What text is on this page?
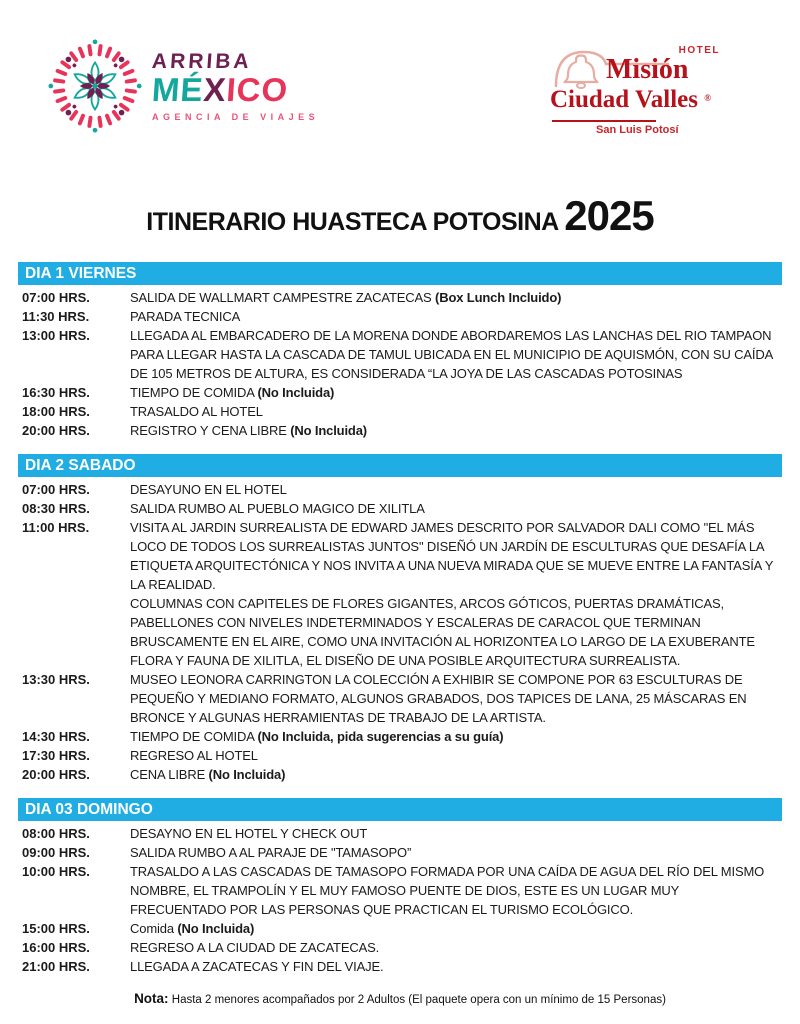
ARRIBA
MÉXICO
AGENCIA DE VIAJES
HOTEL
Misión
Ciudad Valles ®
San Luis Potosí
ITINERARIO HUASTECA POTOSINA 2025
DIA 1 VIERNES
07:00 HRS.	SALIDA DE WALLMART CAMPESTRE ZACATECAS (Box Lunch Incluido)
11:30 HRS.	PARADA TECNICA
13:00 HRS.	LLEGADA AL EMBARCADERO DE LA MORENA DONDE ABORDAREMOS LAS LANCHAS DEL RIO TAMPAON PARA LLEGAR HASTA LA CASCADA DE TAMUL UBICADA EN EL MUNICIPIO DE AQUISMÓN, CON SU CAÍDA DE 105 METROS DE ALTURA, ES CONSIDERADA “LA JOYA DE LAS CASCADAS POTOSINAS
16:30 HRS.	TIEMPO DE COMIDA (No Incluida)
18:00 HRS.	TRASALDO AL HOTEL
20:00 HRS.	REGISTRO Y CENA LIBRE (No Incluida)
DIA 2 SABADO
07:00 HRS.	DESAYUNO EN EL HOTEL
08:30 HRS.	SALIDA RUMBO AL PUEBLO MAGICO DE XILITLA
11:00 HRS.	VISITA AL JARDIN SURREALISTA DE EDWARD JAMES DESCRITO POR SALVADOR DALI COMO "EL MÁS LOCO DE TODOS LOS SURREALISTAS JUNTOS" DISEÑÓ UN JARDÍN DE ESCULTURAS QUE DESAFÍA LA ETIQUETA ARQUITECTÓNICA Y NOS INVITA A UNA NUEVA MIRADA QUE SE MUEVE ENTRE LA FANTASÍA Y LA REALIDAD.
COLUMNAS CON CAPITELES DE FLORES GIGANTES, ARCOS GÓTICOS, PUERTAS DRAMÁTICAS, PABELLONES CON NIVELES INDETERMINADOS Y ESCALERAS DE CARACOL QUE TERMINAN BRUSCAMENTE EN EL AIRE, COMO UNA INVITACIÓN AL HORIZONTEA LO LARGO DE LA EXUBERANTE FLORA Y FAUNA DE XILITLA, EL DISEÑO DE UNA POSIBLE ARQUITECTURA SURREALISTA.
13:30 HRS.	MUSEO LEONORA CARRINGTON LA COLECCIÓN A EXHIBIR SE COMPONE POR 63 ESCULTURAS DE PEQUEÑO Y MEDIANO FORMATO, ALGUNOS GRABADOS, DOS TAPICES DE LANA, 25 MÁSCARAS EN BRONCE Y ALGUNAS HERRAMIENTAS DE TRABAJO DE LA ARTISTA.
14:30 HRS.	TIEMPO DE COMIDA (No Incluida, pida sugerencias a su guía)
17:30 HRS.	REGRESO AL HOTEL
20:00 HRS.	CENA LIBRE (No Incluida)
DIA 03 DOMINGO
08:00 HRS.	DESAYNO EN EL HOTEL Y CHECK OUT
09:00 HRS.	SALIDA RUMBO A AL PARAJE DE "TAMASOPO”
10:00 HRS.	TRASALDO A LAS CASCADAS DE TAMASOPO FORMADA POR UNA CAÍDA DE AGUA DEL RÍO DEL MISMO NOMBRE, EL TRAMPOLÍN Y EL MUY FAMOSO PUENTE DE DIOS, ESTE ES UN LUGAR MUY FRECUENTADO POR LAS PERSONAS QUE PRACTICAN EL TURISMO ECOLÓGICO.
15:00 HRS.	Comida (No Incluida)
16:00 HRS.	REGRESO A LA CIUDAD DE ZACATECAS.
21:00 HRS.	LLEGADA A ZACATECAS Y FIN DEL VIAJE.
Nota: Hasta 2 menores acompañados por 2 Adultos (El paquete opera con un mínimo de 15 Personas)
